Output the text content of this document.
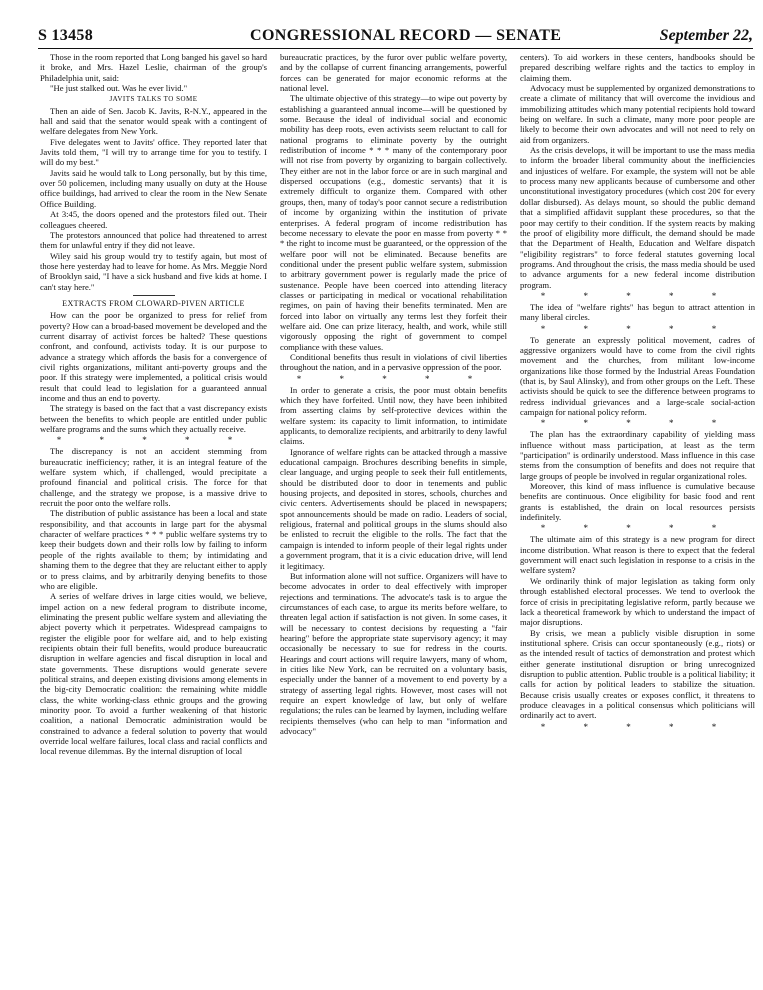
S 13458	CONGRESSIONAL RECORD — SENATE	September 22,

Those in the room reported that Long banged his gavel so hard it broke, and Mrs. Hazel Leslie, chairman of the group's Philadelphia unit, said:

"He just stalked out. Was he ever livid."

JAVITS TALKS TO SOME

Then an aide of Sen. Jacob K. Javits, R-N.Y., appeared in the hall and said that the senator would speak with a contingent of welfare delegates from New York.

Five delegates went to Javits' office. They reported later that Javits told them, "I will try to arrange time for you to testify. I will do my best."

Javits said he would talk to Long personally, but by this time, over 50 policemen, including many usually on duty at the House office buildings, had arrived to clear the room in the New Senate Office Building.

At 3:45, the doors opened and the protestors filed out. Their colleagues cheered.

The protestors announced that police had threatened to arrest them for unlawful entry if they did not leave.

Wiley said his group would try to testify again, but most of those here yesterday had to leave for home. As Mrs. Meggie Nord of Brooklyn said, "I have a sick husband and five kids at home. I can't stay here."

EXTRACTS FROM CLOWARD-PIVEN ARTICLE

How can the poor be organized to press for relief from poverty? How can a broad-based movement be developed and the current disarray of activist forces be halted? These questions confront, and confound, activists today. It is our purpose to advance a strategy which affords the basis for a convergence of civil rights organizations, militant anti-poverty groups and the poor. If this strategy were implemented, a political crisis would result that could lead to legislation for a guaranteed annual income and thus an end to poverty.

The strategy is based on the fact that a vast discrepancy exists between the benefits to which people are entitled under public welfare programs and the sums which they actually receive.

* * * * *

The discrepancy is not an accident stemming from bureaucratic inefficiency; rather, it is an integral feature of the welfare system which, if challenged, would precipitate a profound financial and political crisis. The force for that challenge, and the strategy we propose, is a massive drive to recruit the poor onto the welfare rolls.

The distribution of public assistance has been a local and state responsibility, and that accounts in large part for the abysmal character of welfare practices * * * public welfare systems try to keep their budgets down and their rolls low by failing to inform people of the rights available to them; by intimidating and shaming them to the degree that they are reluctant either to apply or to press claims, and by arbitrarily denying benefits to those who are eligible.

A series of welfare drives in large cities would, we believe, impel action on a new federal program to distribute income, eliminating the present public welfare system and alleviating the abject poverty which it perpetrates. Widespread campaigns to register the eligible poor for welfare aid, and to help existing recipients obtain their full benefits, would produce bureaucratic disruption in welfare agencies and fiscal disruption in local and state governments. These disruptions would generate severe political strains, and deepen existing divisions among elements in the big-city Democratic coalition: the remaining white middle class, the white working-class ethnic groups and the growing minority poor. To avoid a further weakening of that historic coalition, a national Democratic administration would be constrained to advance a federal solution to poverty that would override local welfare failures, local class and racial conflicts and local revenue dilemmas. By the internal disruption of local

bureaucratic practices, by the furor over public welfare poverty, and by the collapse of current financing arrangements, powerful forces can be generated for major economic reforms at the national level.

The ultimate objective of this strategy—to wipe out poverty by establishing a guaranteed annual income—will be questioned by some. Because the ideal of individual social and economic mobility has deep roots, even activists seem reluctant to call for national programs to eliminate poverty by the outright redistribution of income * * * many of the contemporary poor will not rise from poverty by organizing to bargain collectively. They either are not in the labor force or are in such marginal and dispersed occupations (e.g., domestic servants) that it is extremely difficult to organize them. Compared with other groups, then, many of today's poor cannot secure a redistribution of income by organizing within the institution of private enterprises. A federal program of income redistribution has become necessary to elevate the poor en masse from poverty * * * the right to income must be guaranteed, or the oppression of the welfare poor will not be eliminated. Because benefits are conditional under the present public welfare system, submission to arbitrary government power is regularly made the price of sustenance. People have been coerced into attending literacy classes or participating in medical or vocational rehabilitation regimes, on pain of having their benefits terminated. Men are forced into labor on virtually any terms lest they forfeit their welfare aid. One can prize literacy, health, and work, while still vigorously opposing the right of government to compel compliance with these values.

Conditional benefits thus result in violations of civil liberties throughout the nation, and in a pervasive oppression of the poor.

* * * * *

In order to generate a crisis, the poor must obtain benefits which they have forfeited. Until now, they have been inhibited from asserting claims by self-protective devices within the welfare system: its capacity to limit information, to intimidate applicants, to demoralize recipients, and arbitrarily to deny lawful claims.

Ignorance of welfare rights can be attacked through a massive educational campaign. Brochures describing benefits in simple, clear language, and urging people to seek their full entitlements, should be distributed door to door in tenements and public housing projects, and deposited in stores, schools, churches and civic centers. Advertisements should be placed in newspapers; spot announcements should be made on radio. Leaders of social, religious, fraternal and political groups in the slums should also be enlisted to recruit the eligible to the rolls. The fact that the campaign is intended to inform people of their legal rights under a government program, that it is a civic education drive, will lend it legitimacy.

But information alone will not suffice. Organizers will have to become advocates in order to deal effectively with improper rejections and terminations. The advocate's task is to argue the circumstances of each case, to argue its merits before welfare, to threaten legal action if satisfaction is not given. In some cases, it will be necessary to contest decisions by requesting a "fair hearing" before the appropriate state supervisory agency; it may occasionally be necessary to sue for redress in the courts. Hearings and court actions will require lawyers, many of whom, in cities like New York, can be recruited on a voluntary basis, especially under the banner of a movement to end poverty by a strategy of asserting legal rights. However, most cases will not require an expert knowledge of law, but only of welfare regulations; the rules can be learned by laymen, including welfare recipients themselves (who can help to man "information and advocacy"

centers). To aid workers in these centers, handbooks should be prepared describing welfare rights and the tactics to employ in claiming them.

Advocacy must be supplemented by organized demonstrations to create a climate of militancy that will overcome the invidious and immobilizing attitudes which many potential recipients hold toward being on welfare. In such a climate, many more poor people are likely to become their own advocates and will not need to rely on aid from organizers.

As the crisis develops, it will be important to use the mass media to inform the broader liberal community about the inefficiencies and injustices of welfare. For example, the system will not be able to process many new applicants because of cumbersome and other unconstitutional investigatory procedures (which cost 20¢ for every dollar disbursed). As delays mount, so should the public demand that a simplified affidavit supplant these procedures, so that the poor may certify to their condition. If the system reacts by making the proof of eligibility more difficult, the demand should be made that the Department of Health, Education and Welfare dispatch "eligibility registrars" to force federal statutes governing local programs. And throughout the crisis, the mass media should be used to advance arguments for a new federal income distribution program.

* * * * *

The idea of "welfare rights" has begun to attract attention in many liberal circles.

* * * * *

To generate an expressly political movement, cadres of aggressive organizers would have to come from the civil rights movement and the churches, from militant low-income organizations like those formed by the Industrial Areas Foundation (that is, by Saul Alinsky), and from other groups on the Left. These activists should be quick to see the difference between programs to redress individual grievances and a large-scale social-action campaign for national policy reform.

* * * * *

The plan has the extraordinary capability of yielding mass influence without mass participation, at least as the term "participation" is ordinarily understood. Mass influence in this case stems from the consumption of benefits and does not require that large groups of people be involved in regular organizational roles.

Moreover, this kind of mass influence is cumulative because benefits are continuous. Once eligibility for basic food and rent grants is established, the drain on local resources persists indefinitely.

* * * * *

The ultimate aim of this strategy is a new program for direct income distribution. What reason is there to expect that the federal government will enact such legislation in response to a crisis in the welfare system?

We ordinarily think of major legislation as taking form only through established electoral processes. We tend to overlook the force of crisis in precipitating legislative reform, partly because we lack a theoretical framework by which to understand the impact of major disruptions.

By crisis, we mean a publicly visible disruption in some institutional sphere. Crisis can occur spontaneously (e.g., riots) or as the intended result of tactics of demonstration and protest which either generate institutional disruption or bring unrecognized disruption to public attention. Public trouble is a political liability; it calls for action by political leaders to stabilize the situation. Because crisis usually creates or exposes conflict, it threatens to produce cleavages in a political consensus which politicians will ordinarily act to avert.

* * * * *
